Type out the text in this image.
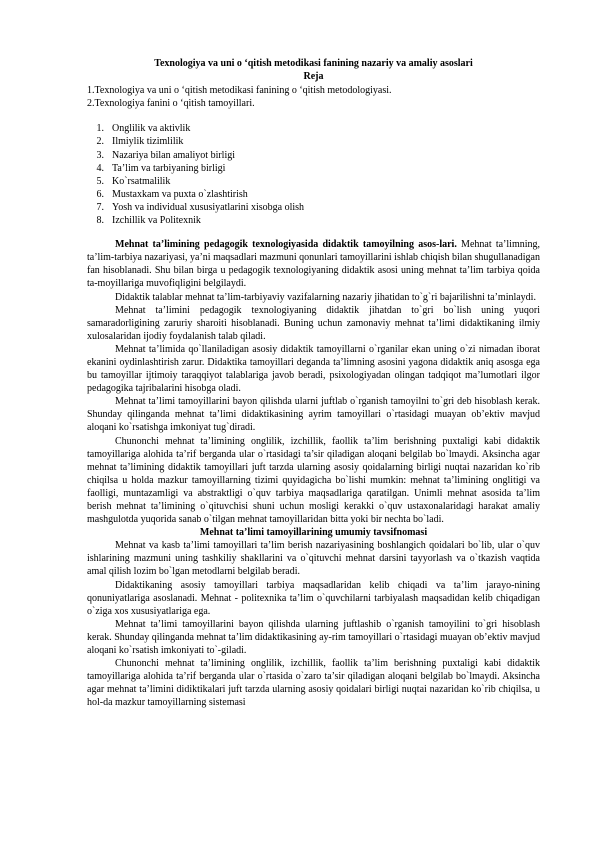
Texnologiya va uni o ‘qitish metodikasi fanining nazariy va amaliy asoslari
Reja
1.Texnologiya va uni o ‘qitish metodikasi fanining o ‘qitish metodologiyasi.
2.Texnologiya fanini o ‘qitish tamoyillari.
1. Onglilik va aktivlik
2. Ilmiylik tizimlilik
3. Nazariya bilan amaliyot birligi
4. Ta’lim va tarbiyaning birligi
5. Ko`rsatmalilik
6. Mustaxkam va puxta o`zlashtirish
7. Yosh va individual xususiyatlarini xisobga olish
8. Izchillik va Politexnik

Mehnat ta’limining pedagogik texnologiyasida didaktik tamoyilning asos-lari. Mehnat ta’limning, ta’lim-tarbiya nazariyasi, ya’ni maqsadlari mazmuni qonunlari tamoyillarini ishlab chiqish bilan shugullanadigan fan hisoblanadi. Shu bilan birga u pedagogik texnologiyaning didaktik asosi uning mehnat ta’lim tarbiya qoida ta-moyillariga muvofiqligini belgilaydi.

Didaktik talablar mehnat ta’lim-tarbiyaviy vazifalarning nazariy jihatidan to`g`ri bajarilishni ta’minlaydi.

Mehnat ta’limini pedagogik texnologiyaning didaktik jihatdan to`gri bo`lish uning yuqori samaradorligining zaruriy sharoiti hisoblanadi. Buning uchun zamonaviy mehnat ta’limi didaktikaning ilmiy xulosalaridan ijodiy foydalanish talab qiladi.

Mehnat ta’limida qo`llaniladigan asosiy didaktik tamoyillarni o`rganilar ekan uning o`zi nimadan iborat ekanini oydinlashtirish zarur. Didaktika tamoyillari deganda ta’limning asosini yagona didaktik aniq asosga ega bu tamoyillar ijtimoiy taraqqiyot talablariga javob beradi, psixologiyadan olingan tadqiqot ma’lumotlari ilgor pedagogika tajribalarini hisobga oladi.

Mehnat ta’limi tamoyillarini bayon qilishda ularni juftlab o`rganish tamoyilni to`gri deb hisoblash kerak. Shunday qilinganda mehnat ta’limi didaktikasining ayrim tamoyillari o`rtasidagi muayan ob’ektiv mavjud aloqani ko`rsatishga imkoniyat tug`diradi.

Chunonchi mehnat ta’limining onglilik, izchillik, faollik ta’lim berishning puxtaligi kabi didaktik tamoyillariga alohida ta’rif berganda ular o`rtasidagi ta’sir qiladigan aloqani belgilab bo`lmaydi. Aksincha agar mehnat ta’limining didaktik tamoyillari juft tarzda ularning asosiy qoidalarning birligi nuqtai nazaridan ko`rib chiqilsa u holda mazkur tamoyillarning tizimi quyidagicha bo`lishi mumkin: mehnat ta’limining onglitigi va faolligi, muntazamligi va abstraktligi o`quv tarbiya maqsadlariga qaratilgan. Unimli mehnat asosida ta’lim berish mehnat ta’limining o`qituvchisi shuni uchun mosligi kerakki o`quv ustaxonalaridagi harakat amaliy mashgulotda yuqorida sanab o`tilgan mehnat tamoyillaridan bitta yoki bir nechta bo`ladi.

Mehnat ta’limi tamoyillarining umumiy tavsifnomasi

Mehnat va kasb ta’limi tamoyillari ta’lim berish nazariyasining boshlangich qoidalari bo`lib, ular o`quv ishlarining mazmuni uning tashkiliy shakllarini va o`qituvchi mehnat darsini tayyorlash va o`tkazish vaqtida amal qilish lozim bo`lgan metodlarni belgilab beradi.

Didaktikaning asosiy tamoyillari tarbiya maqsadlaridan kelib chiqadi va ta’lim jarayo-nining qonuniyatlariga asoslanadi. Mehnat - politexnika ta’lim o`quvchilarni tarbiyalash maqsadidan kelib chiqadigan o`ziga xos xususiyatlariga ega.

Mehnat ta’limi tamoyillarini bayon qilishda ularning juftlashib o`rganish tamoyilini to`gri hisoblash kerak. Shunday qilinganda mehnat ta’lim didaktikasining ay-rim tamoyillari o`rtasidagi muayan ob’ektiv mavjud aloqani ko`rsatish imkoniyati to`-giladi.

Chunonchi mehnat ta’limining onglilik, izchillik, faollik ta’lim berishning puxtaligi kabi didaktik tamoyillariga alohida ta’rif berganda ular o`rtasida o`zaro ta’sir qiladigan aloqani belgilab bo`lmaydi. Aksincha agar mehnat ta’limini didiktikalari juft tarzda ularning asosiy qoidalari birligi nuqtai nazaridan ko`rib chiqilsa, u hol-da mazkur tamoyillarning sistemasi
